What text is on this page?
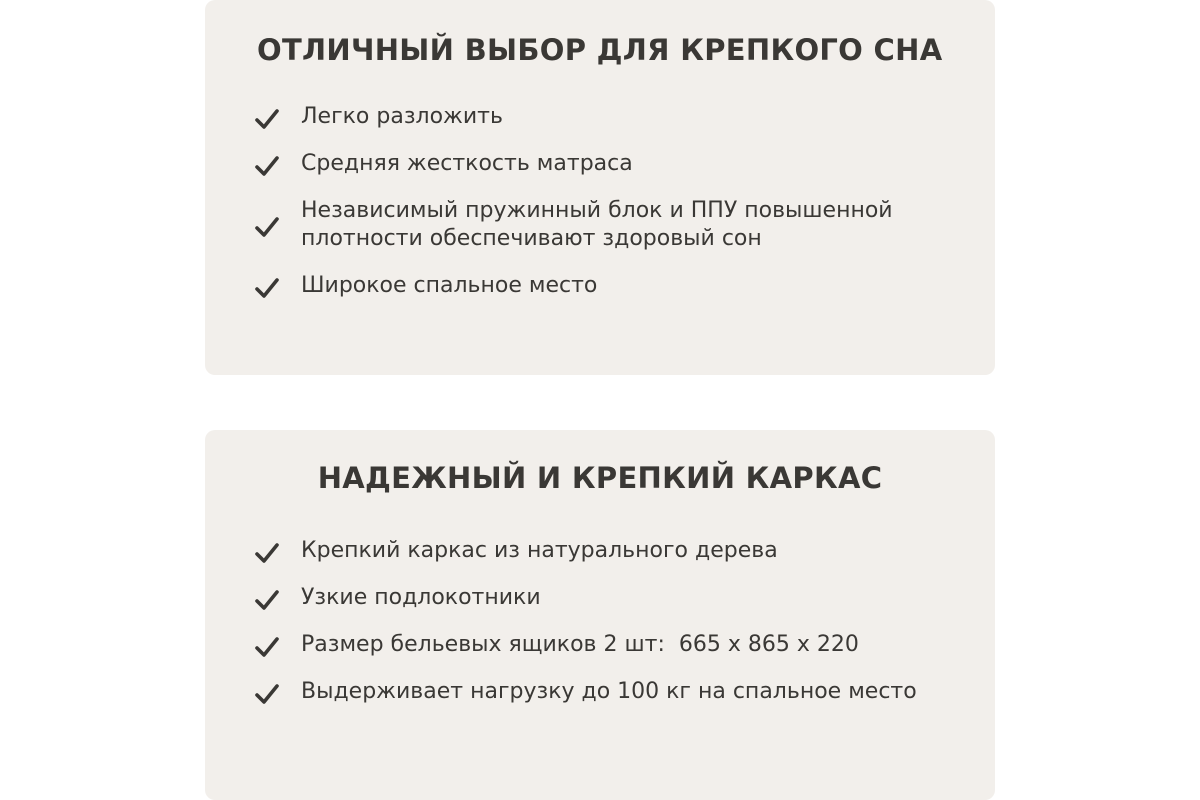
ОТЛИЧНЫЙ ВЫБОР ДЛЯ КРЕПКОГО СНА
Легко разложить
Средняя жесткость матраса
Независимый пружинный блок и ППУ повышенной
плотности обеспечивают здоровый сон
Широкое спальное место
НАДЕЖНЫЙ И КРЕПКИЙ КАРКАС
Крепкий каркас из натурального дерева
Узкие подлокотники
Размер бельевых ящиков 2 шт:  665 х 865 х 220
Выдерживает нагрузку до 100 кг на спальное место
